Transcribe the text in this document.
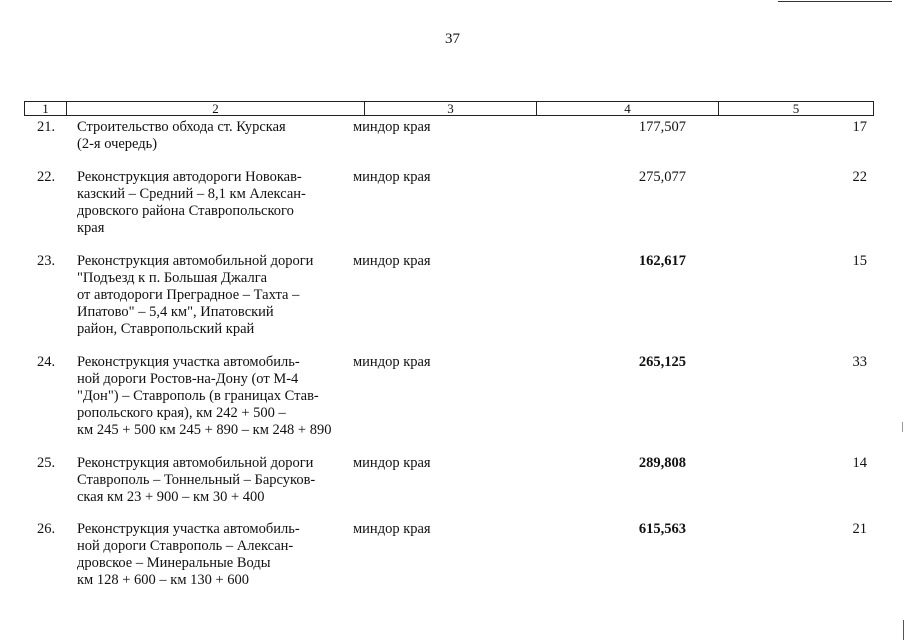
37
1	2	3	4	5
21. Строительство обхода ст. Курская
(2-я очередь)
миндор края	177,507	17
22. Реконструкция автодороги Новокав-
казский – Средний – 8,1 км Алексан-
дровского района Ставропольского
края
миндор края	275,077	22
23. Реконструкция автомобильной дороги
"Подъезд к п. Большая Джалга
от автодороги Преградное – Тахта –
Ипатово" – 5,4 км", Ипатовский
район, Ставропольский край
миндор края	162,617	15
24. Реконструкция участка автомобиль-
ной дороги Ростов-на-Дону (от М-4
"Дон") – Ставрополь (в границах Став-
ропольского края), км 242 + 500 –
км 245 + 500 км 245 + 890 – км 248 + 890
миндор края	265,125	33
25. Реконструкция автомобильной дороги
Ставрополь – Тоннельный – Барсуков-
ская км 23 + 900 – км 30 + 400
миндор края	289,808	14
26. Реконструкция участка автомобиль-
ной дороги Ставрополь – Алексан-
дровское – Минеральные Воды
км 128 + 600 – км 130 + 600
миндор края	615,563	21
